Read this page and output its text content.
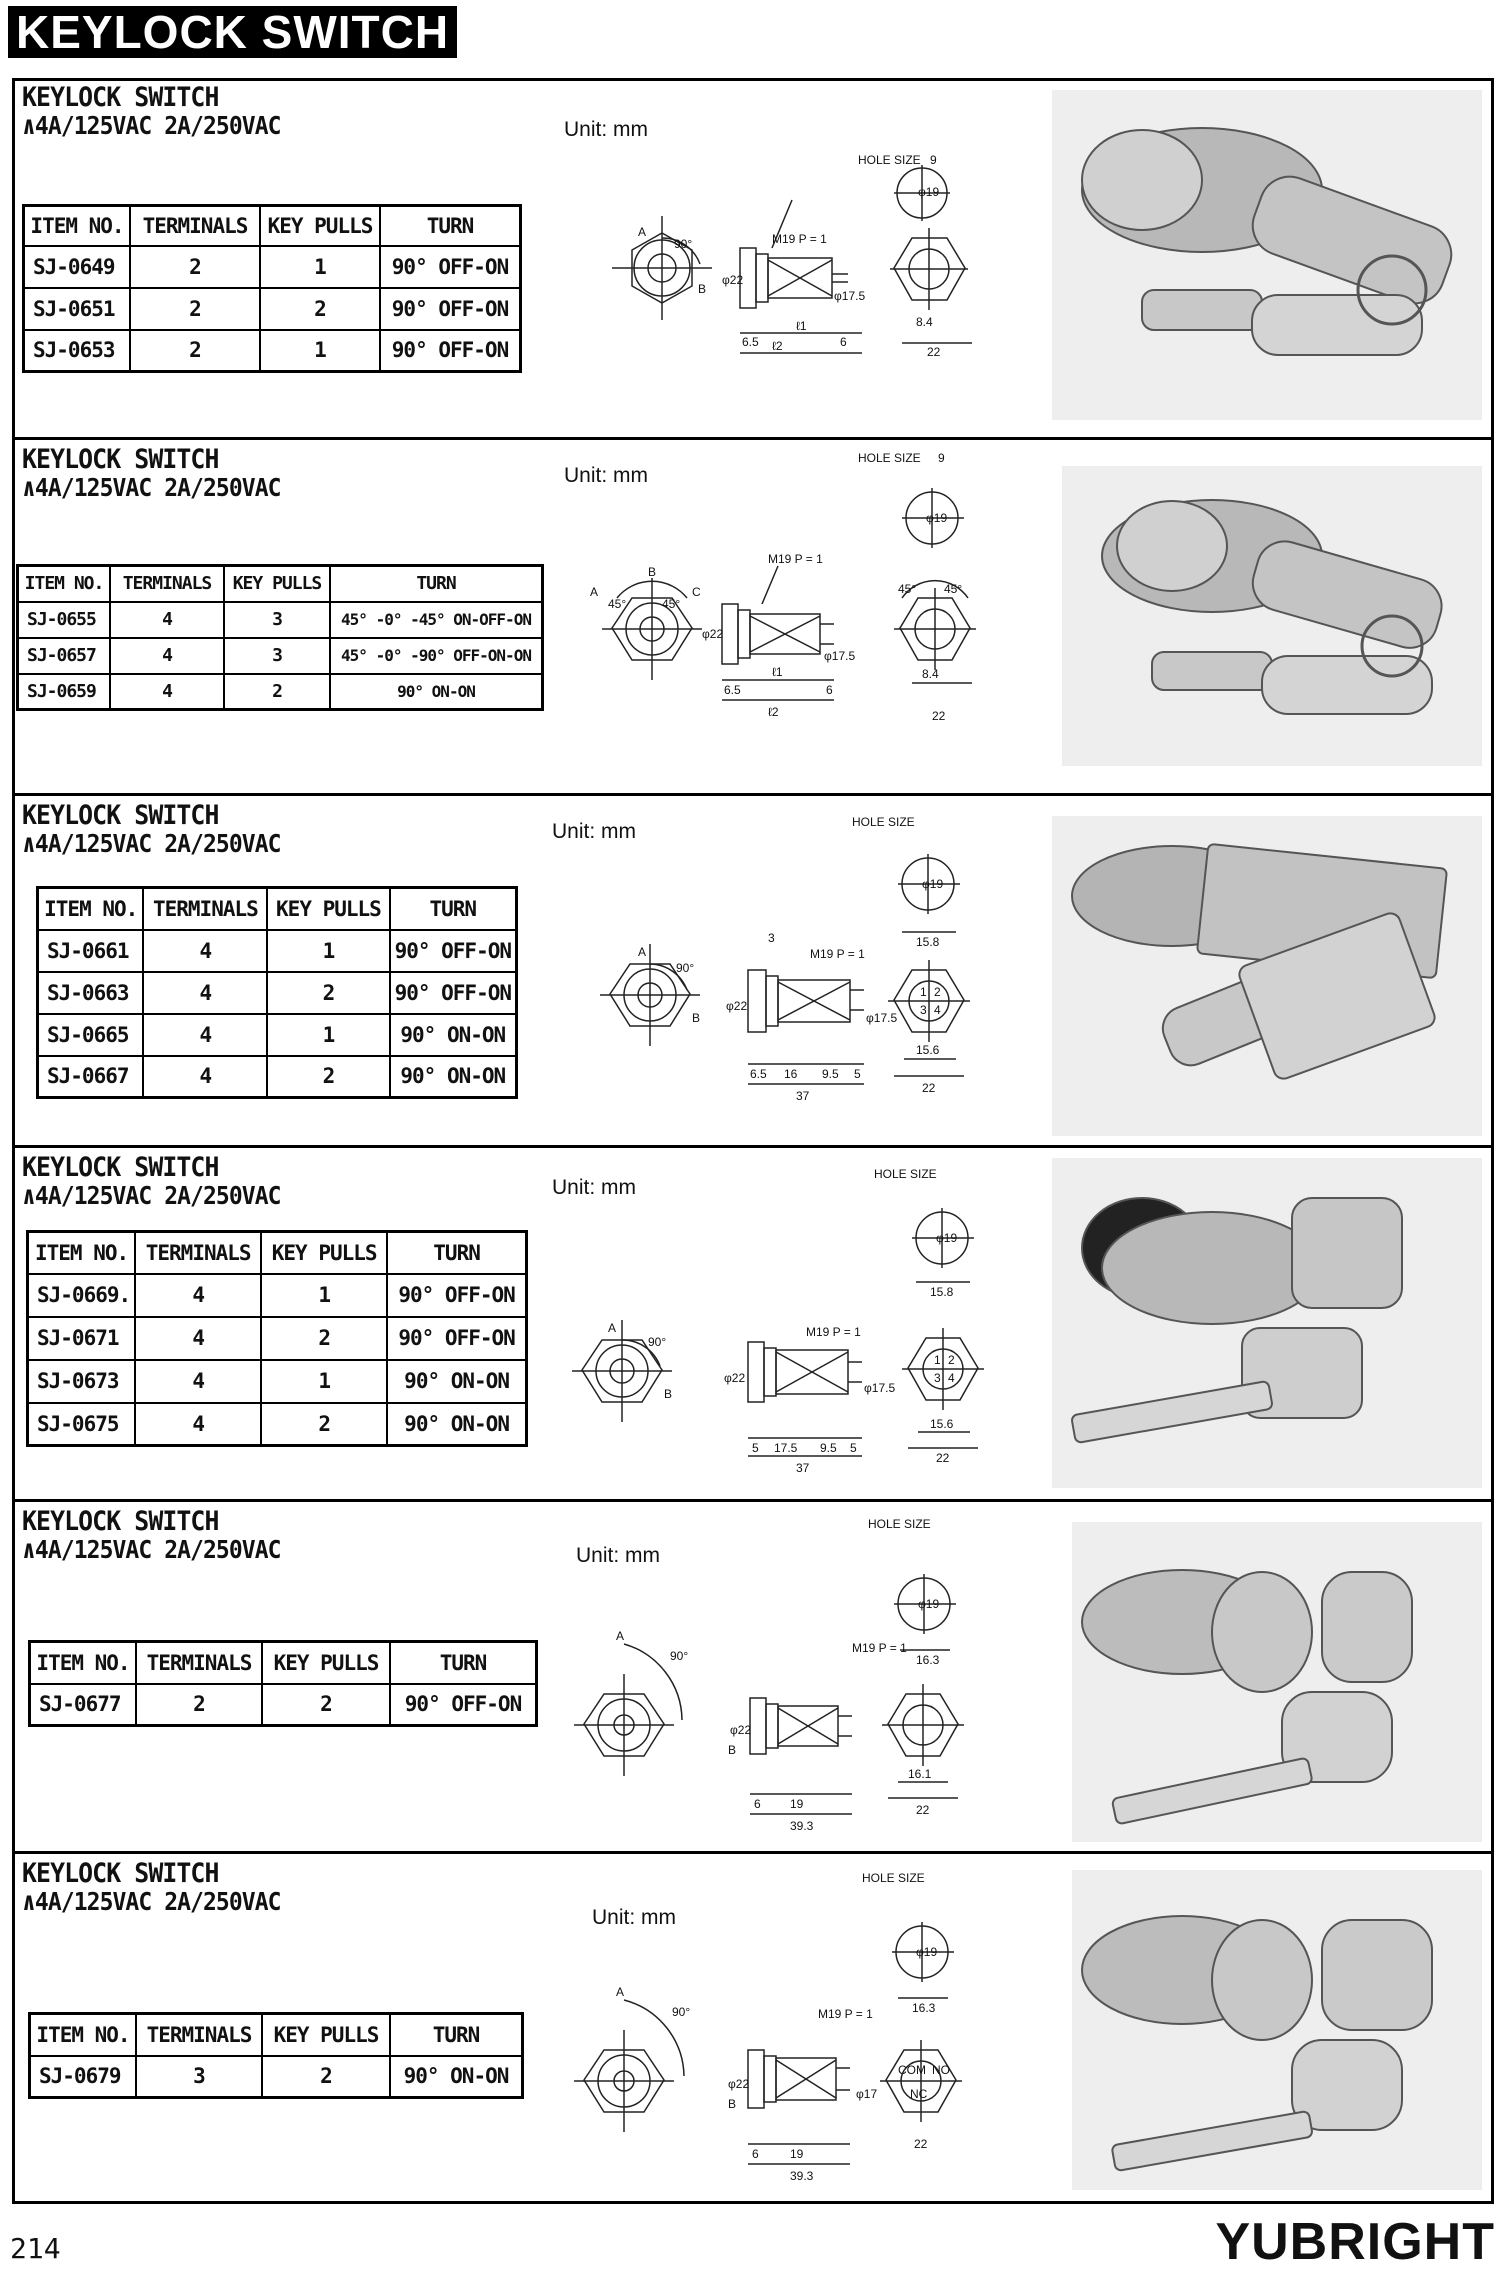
KEYLOCK SWITCH
KEYLOCK SWITCH
∧4A/125VAC 2A/250VAC
ITEM NO.	TERMINALS	KEY PULLS	TURN
SJ-0649	2	1	90° OFF-ON
SJ-0651	2	2	90° OFF-ON
SJ-0653	2	1	90° OFF-ON
Unit: mm
A
90°
B
M19 P = 1
φ22
φ17.5
HOLE SIZE 9
φ19
ℓ1
ℓ2
6.5	6
8.4
22
KEYLOCK SWITCH
∧4A/125VAC 2A/250VAC
ITEM NO.	TERMINALS	KEY PULLS	TURN
SJ-0655	4	3	45° -0° -45° ON-OFF-ON
SJ-0657	4	3	45° -0° -90° OFF-ON-ON
SJ-0659	4	2	90° ON-ON
Unit: mm
A
B
C
45°	45°
M19 P = 1
φ22
φ17.5
HOLE SIZE 9
φ19
45° 45°
ℓ1
ℓ2
6.5	6
8.4
22
KEYLOCK SWITCH
∧4A/125VAC 2A/250VAC
ITEM NO.	TERMINALS	KEY PULLS	TURN
SJ-0661	4	1	90° OFF-ON
SJ-0663	4	2	90° OFF-ON
SJ-0665	4	1	90° ON-ON
SJ-0667	4	2	90° ON-ON
Unit: mm
A
90°
B
3
M19 P = 1
φ22
φ17.5
HOLE SIZE
φ19
15.8
1 2
3 4
6.5 16 9.5 5
37
15.6
22
KEYLOCK SWITCH
∧4A/125VAC 2A/250VAC
ITEM NO.	TERMINALS	KEY PULLS	TURN
SJ-0669.	4	1	90° OFF-ON
SJ-0671	4	2	90° OFF-ON
SJ-0673	4	1	90° ON-ON
SJ-0675	4	2	90° ON-ON
Unit: mm
A
90°
B
M19 P = 1
φ22
φ17.5
HOLE SIZE
φ19
15.8
1 2
3 4
5 17.5 9.5 5
37
15.6
22
KEYLOCK SWITCH
∧4A/125VAC 2A/250VAC
ITEM NO.	TERMINALS	KEY PULLS	TURN
SJ-0677	2	2	90° OFF-ON
Unit: mm
A
90°
B
M19 P = 1
φ22
HOLE SIZE
φ19
16.3
6 19
39.3
16.1
22
KEYLOCK SWITCH
∧4A/125VAC 2A/250VAC
ITEM NO.	TERMINALS	KEY PULLS	TURN
SJ-0679	3	2	90° ON-ON
Unit: mm
A
90°
B
M19 P = 1
φ22
φ17
HOLE SIZE
φ19
16.3
COM NO
NC
6	19
39.3
22
214	YUBRIGHT
